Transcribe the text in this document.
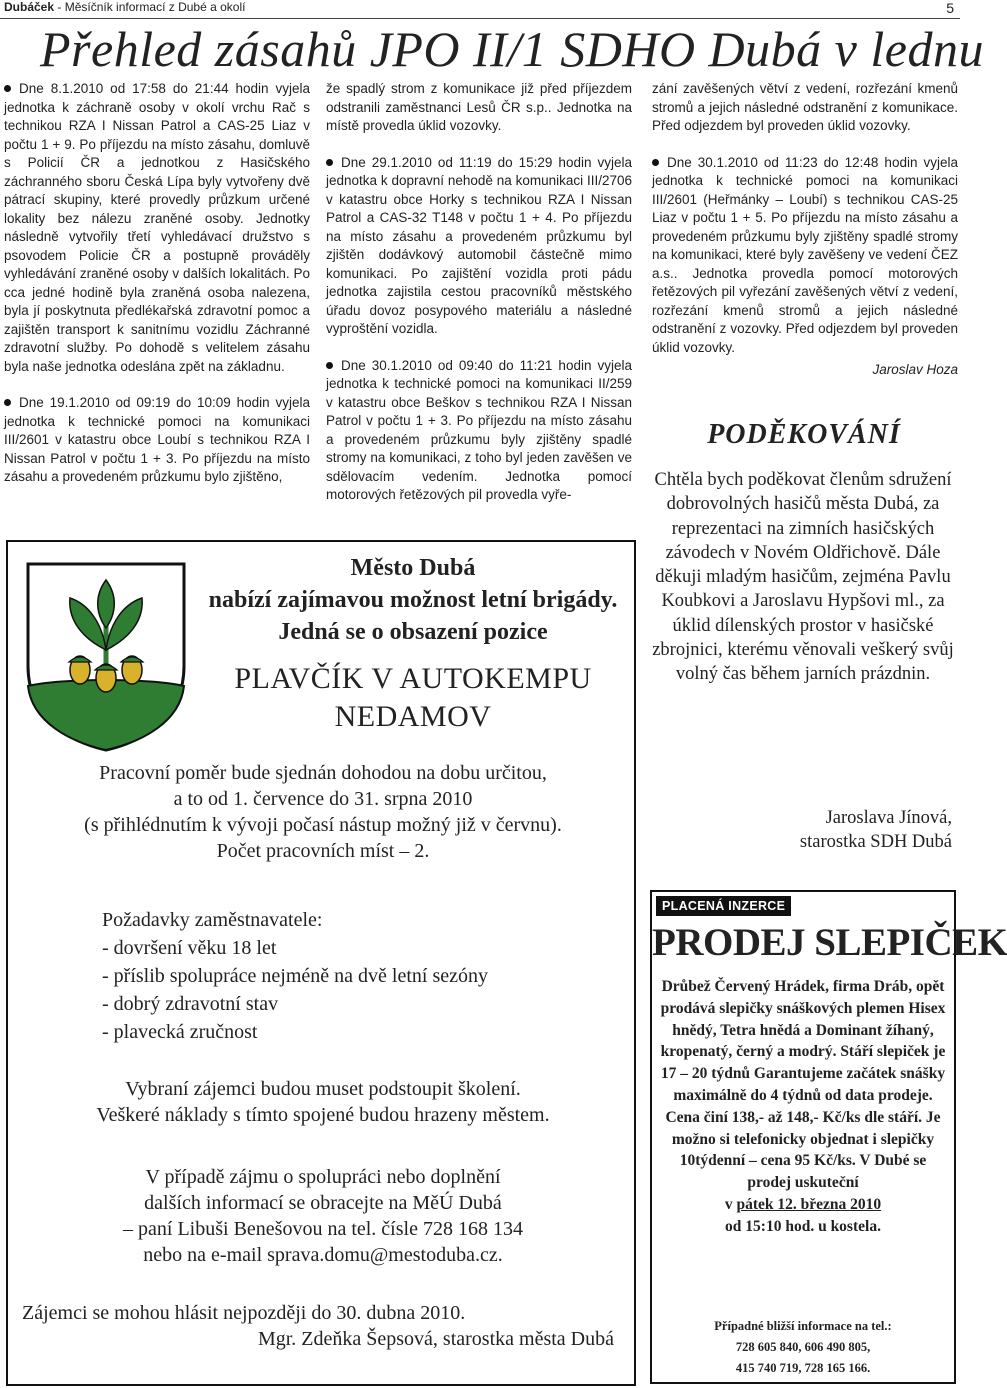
Dubáček - Měsíčník informací z Dubé a okolí	5
Přehled zásahů JPO II/1 SDHO Dubá v lednu

Dne 8.1.2010 od 17:58 do 21:44 hodin vyjela jednotka k záchraně osoby v okolí vrchu Rač s technikou RZA I Nissan Patrol a CAS-25 Liaz v počtu 1 + 9. Po příjezdu na místo zásahu, domluvě s Policií ČR a jednotkou z Hasičského záchranného sboru Česká Lípa byly vytvořeny dvě pátrací skupiny, které provedly průzkum určené lokality bez nálezu zraněné osoby. Jednotky následně vytvořily třetí vyhledávací družstvo s psovodem Policie ČR a postupně prováděly vyhledávání zraněné osoby v dalších lokalitách. Po cca jedné hodině byla zraněná osoba nalezena, byla jí poskytnuta předlékařská zdravotní pomoc a zajištěn transport k sanitnímu vozidlu Záchranné zdravotní služby. Po dohodě s velitelem zásahu byla naše jednotka odeslána zpět na základnu.

Dne 19.1.2010 od 09:19 do 10:09 hodin vyjela jednotka k technické pomoci na komunikaci III/2601 v katastru obce Loubí s technikou RZA I Nissan Patrol v počtu 1 + 3. Po příjezdu na místo zásahu a provedeném průzkumu bylo zjištěno,

že spadlý strom z komunikace již před příjezdem odstranili zaměstnanci Lesů ČR s.p.. Jednotka na místě provedla úklid vozovky.

Dne 29.1.2010 od 11:19 do 15:29 hodin vyjela jednotka k dopravní nehodě na komunikaci III/2706 v katastru obce Horky s technikou RZA I Nissan Patrol a CAS-32 T148 v počtu 1 + 4. Po příjezdu na místo zásahu a provedeném průzkumu byl zjištěn dodávkový automobil částečně mimo komunikaci. Po zajištění vozidla proti pádu jednotka zajistila cestou pracovníků městského úřadu dovoz posypového materiálu a následné vyproštění vozidla.

Dne 30.1.2010 od 09:40 do 11:21 hodin vyjela jednotka k technické pomoci na komunikaci II/259 v katastru obce Beškov s technikou RZA I Nissan Patrol v počtu 1 + 3. Po příjezdu na místo zásahu a provedeném průzkumu byly zjištěny spadlé stromy na komunikaci, z toho byl jeden zavěšen ve sdělovacím vedením. Jednotka pomocí motorových řetězových pil provedla vyře-

zání zavěšených větví z vedení, rozřezání kmenů stromů a jejich následné odstranění z komunikace. Před odjezdem byl proveden úklid vozovky.

Dne 30.1.2010 od 11:23 do 12:48 hodin vyjela jednotka k technické pomoci na komunikaci III/2601 (Heřmánky – Loubí) s technikou CAS-25 Liaz v počtu 1 + 5. Po příjezdu na místo zásahu a provedeném průzkumu byly zjištěny spadlé stromy na komunikaci, které byly zavěšeny ve vedení ČEZ a.s.. Jednotka provedla pomocí motorových řetězových pil vyřezání zavěšených větví z vedení, rozřezání kmenů stromů a jejich následné odstranění z vozovky. Před odjezdem byl proveden úklid vozovky.

Jaroslav Hoza
Město Dubá
nabízí zajímavou možnost letní brigády.
Jedná se o obsazení pozice
PLAVČÍK V AUTOKEMPU
NEDAMOV
Pracovní poměr bude sjednán dohodou na dobu určitou,
a to od 1. července do 31. srpna 2010
(s přihlédnutím k vývoji počasí nástup možný již v červnu).
Počet pracovních míst – 2.
Požadavky zaměstnavatele:
- dovršení věku 18 let
- příslib spolupráce nejméně na dvě letní sezóny
- dobrý zdravotní stav
- plavecká zručnost
Vybraní zájemci budou muset podstoupit školení.
Veškeré náklady s tímto spojené budou hrazeny městem.
V případě zájmu o spolupráci nebo doplnění
dalších informací se obracejte na MěÚ Dubá
– paní Libuši Benešovou na tel. čísle 728 168 134
nebo na e-mail sprava.domu@mestoduba.cz.
Zájemci se mohou hlásit nejpozději do 30. dubna 2010.
Mgr. Zdeňka Šepsová, starostka města Dubá
PODĚKOVÁNÍ
Chtěla bych poděkovat členům sdružení dobrovolných hasičů města Dubá, za reprezentaci na zimních hasičských závodech v Novém Oldřichově. Dále děkuji mladým hasičům, zejména Pavlu Koubkovi a Jaroslavu Hypšovi ml., za úklid dílenských prostor v hasičské zbrojnici, kterému věnovali veškerý svůj volný čas během jarních prázdnin.
Jaroslava Jínová,
starostka SDH Dubá
PLACENÁ INZERCE
PRODEJ SLEPIČEK
Drůbež Červený Hrádek, firma Dráb, opět prodává slepičky snáškových plemen Hisex hnědý, Tetra hnědá a Dominant žíhaný, kropenatý, černý a modrý. Stáří slepiček je 17 – 20 týdnů Garantujeme začátek snášky maximálně do 4 týdnů od data prodeje. Cena činí 138,- až 148,- Kč/ks dle stáří. Je možno si telefonicky objednat i slepičky 10týdenní – cena 95 Kč/ks. V Dubé se prodej uskuteční
v pátek 12. března 2010
od 15:10 hod. u kostela.
Případné bližší informace na tel.:
728 605 840, 606 490 805,
415 740 719, 728 165 166.
